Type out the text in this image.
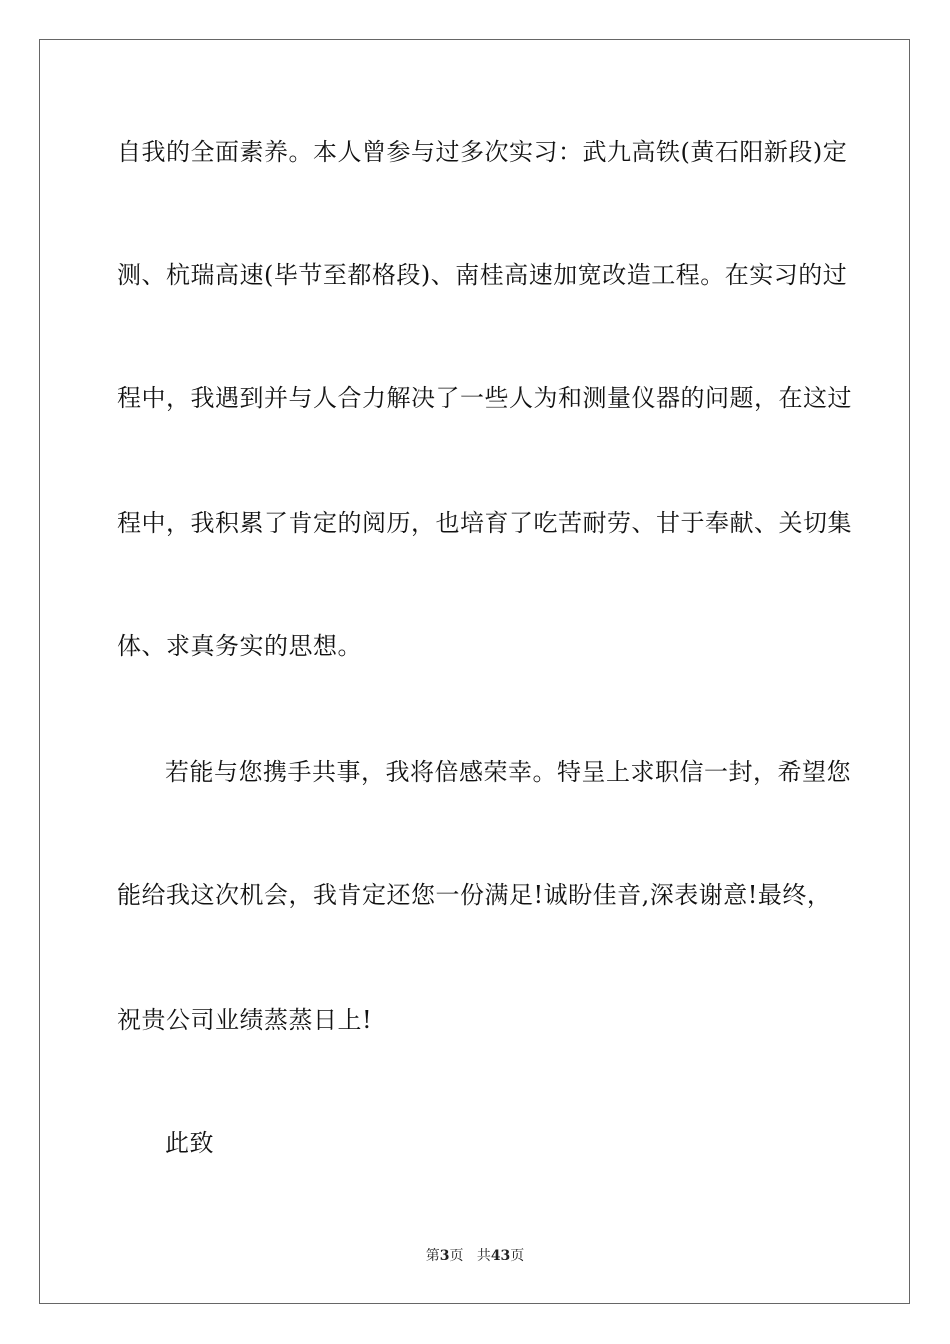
自我的全面素养。本人曾参与过多次实习：武九高铁(黄石阳新段)定
测、杭瑞高速(毕节至都格段)、南桂高速加宽改造工程。在实习的过
程中，我遇到并与人合力解决了一些人为和测量仪器的问题，在这过
程中，我积累了肯定的阅历，也培育了吃苦耐劳、甘于奉献、关切集
体、求真务实的思想。
若能与您携手共事，我将倍感荣幸。特呈上求职信一封，希望您
能给我这次机会，我肯定还您一份满足!诚盼佳音,深表谢意!最终，
祝贵公司业绩蒸蒸日上!
此致
第3页 共43页
